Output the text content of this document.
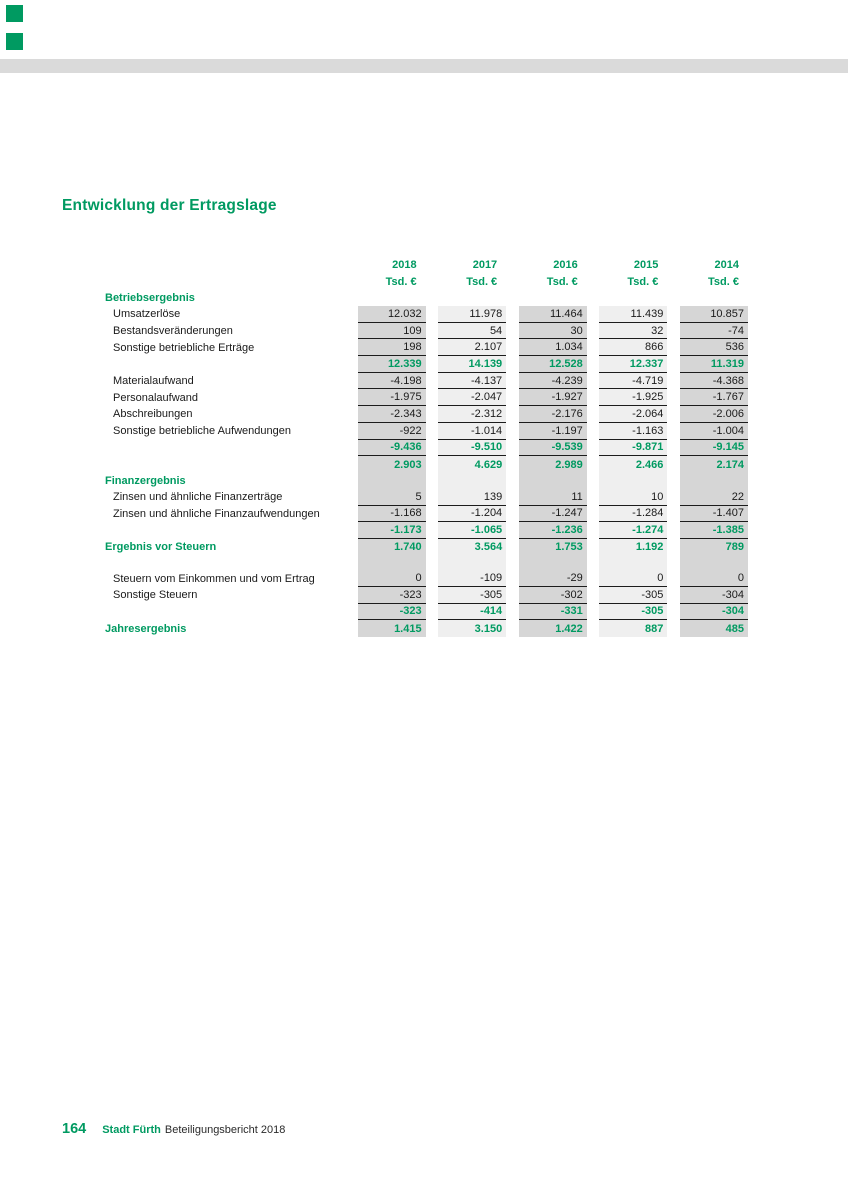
Entwicklung der Ertragslage
2018	2017	2016	2015	2014
Tsd. €	Tsd. €	Tsd. €	Tsd. €	Tsd. €
Betriebsergebnis
Umsatzerlöse	12.032	11.978	11.464	11.439	10.857
Bestandsveränderungen	109	54	30	32	-74
Sonstige betriebliche Erträge	198	2.107	1.034	866	536
12.339	14.139	12.528	12.337	11.319
Materialaufwand	-4.198	-4.137	-4.239	-4.719	-4.368
Personalaufwand	-1.975	-2.047	-1.927	-1.925	-1.767
Abschreibungen	-2.343	-2.312	-2.176	-2.064	-2.006
Sonstige betriebliche Aufwendungen	-922	-1.014	-1.197	-1.163	-1.004
-9.436	-9.510	-9.539	-9.871	-9.145
2.903	4.629	2.989	2.466	2.174
Finanzergebnis
Zinsen und ähnliche Finanzerträge	5	139	11	10	22
Zinsen und ähnliche Finanzaufwendungen	-1.168	-1.204	-1.247	-1.284	-1.407
-1.173	-1.065	-1.236	-1.274	-1.385
Ergebnis vor Steuern	1.740	3.564	1.753	1.192	789
Steuern vom Einkommen und vom Ertrag	0	-109	-29	0	0
Sonstige Steuern	-323	-305	-302	-305	-304
-323	-414	-331	-305	-304
Jahresergebnis	1.415	3.150	1.422	887	485
164 Stadt Fürth Beteiligungsbericht 2018
